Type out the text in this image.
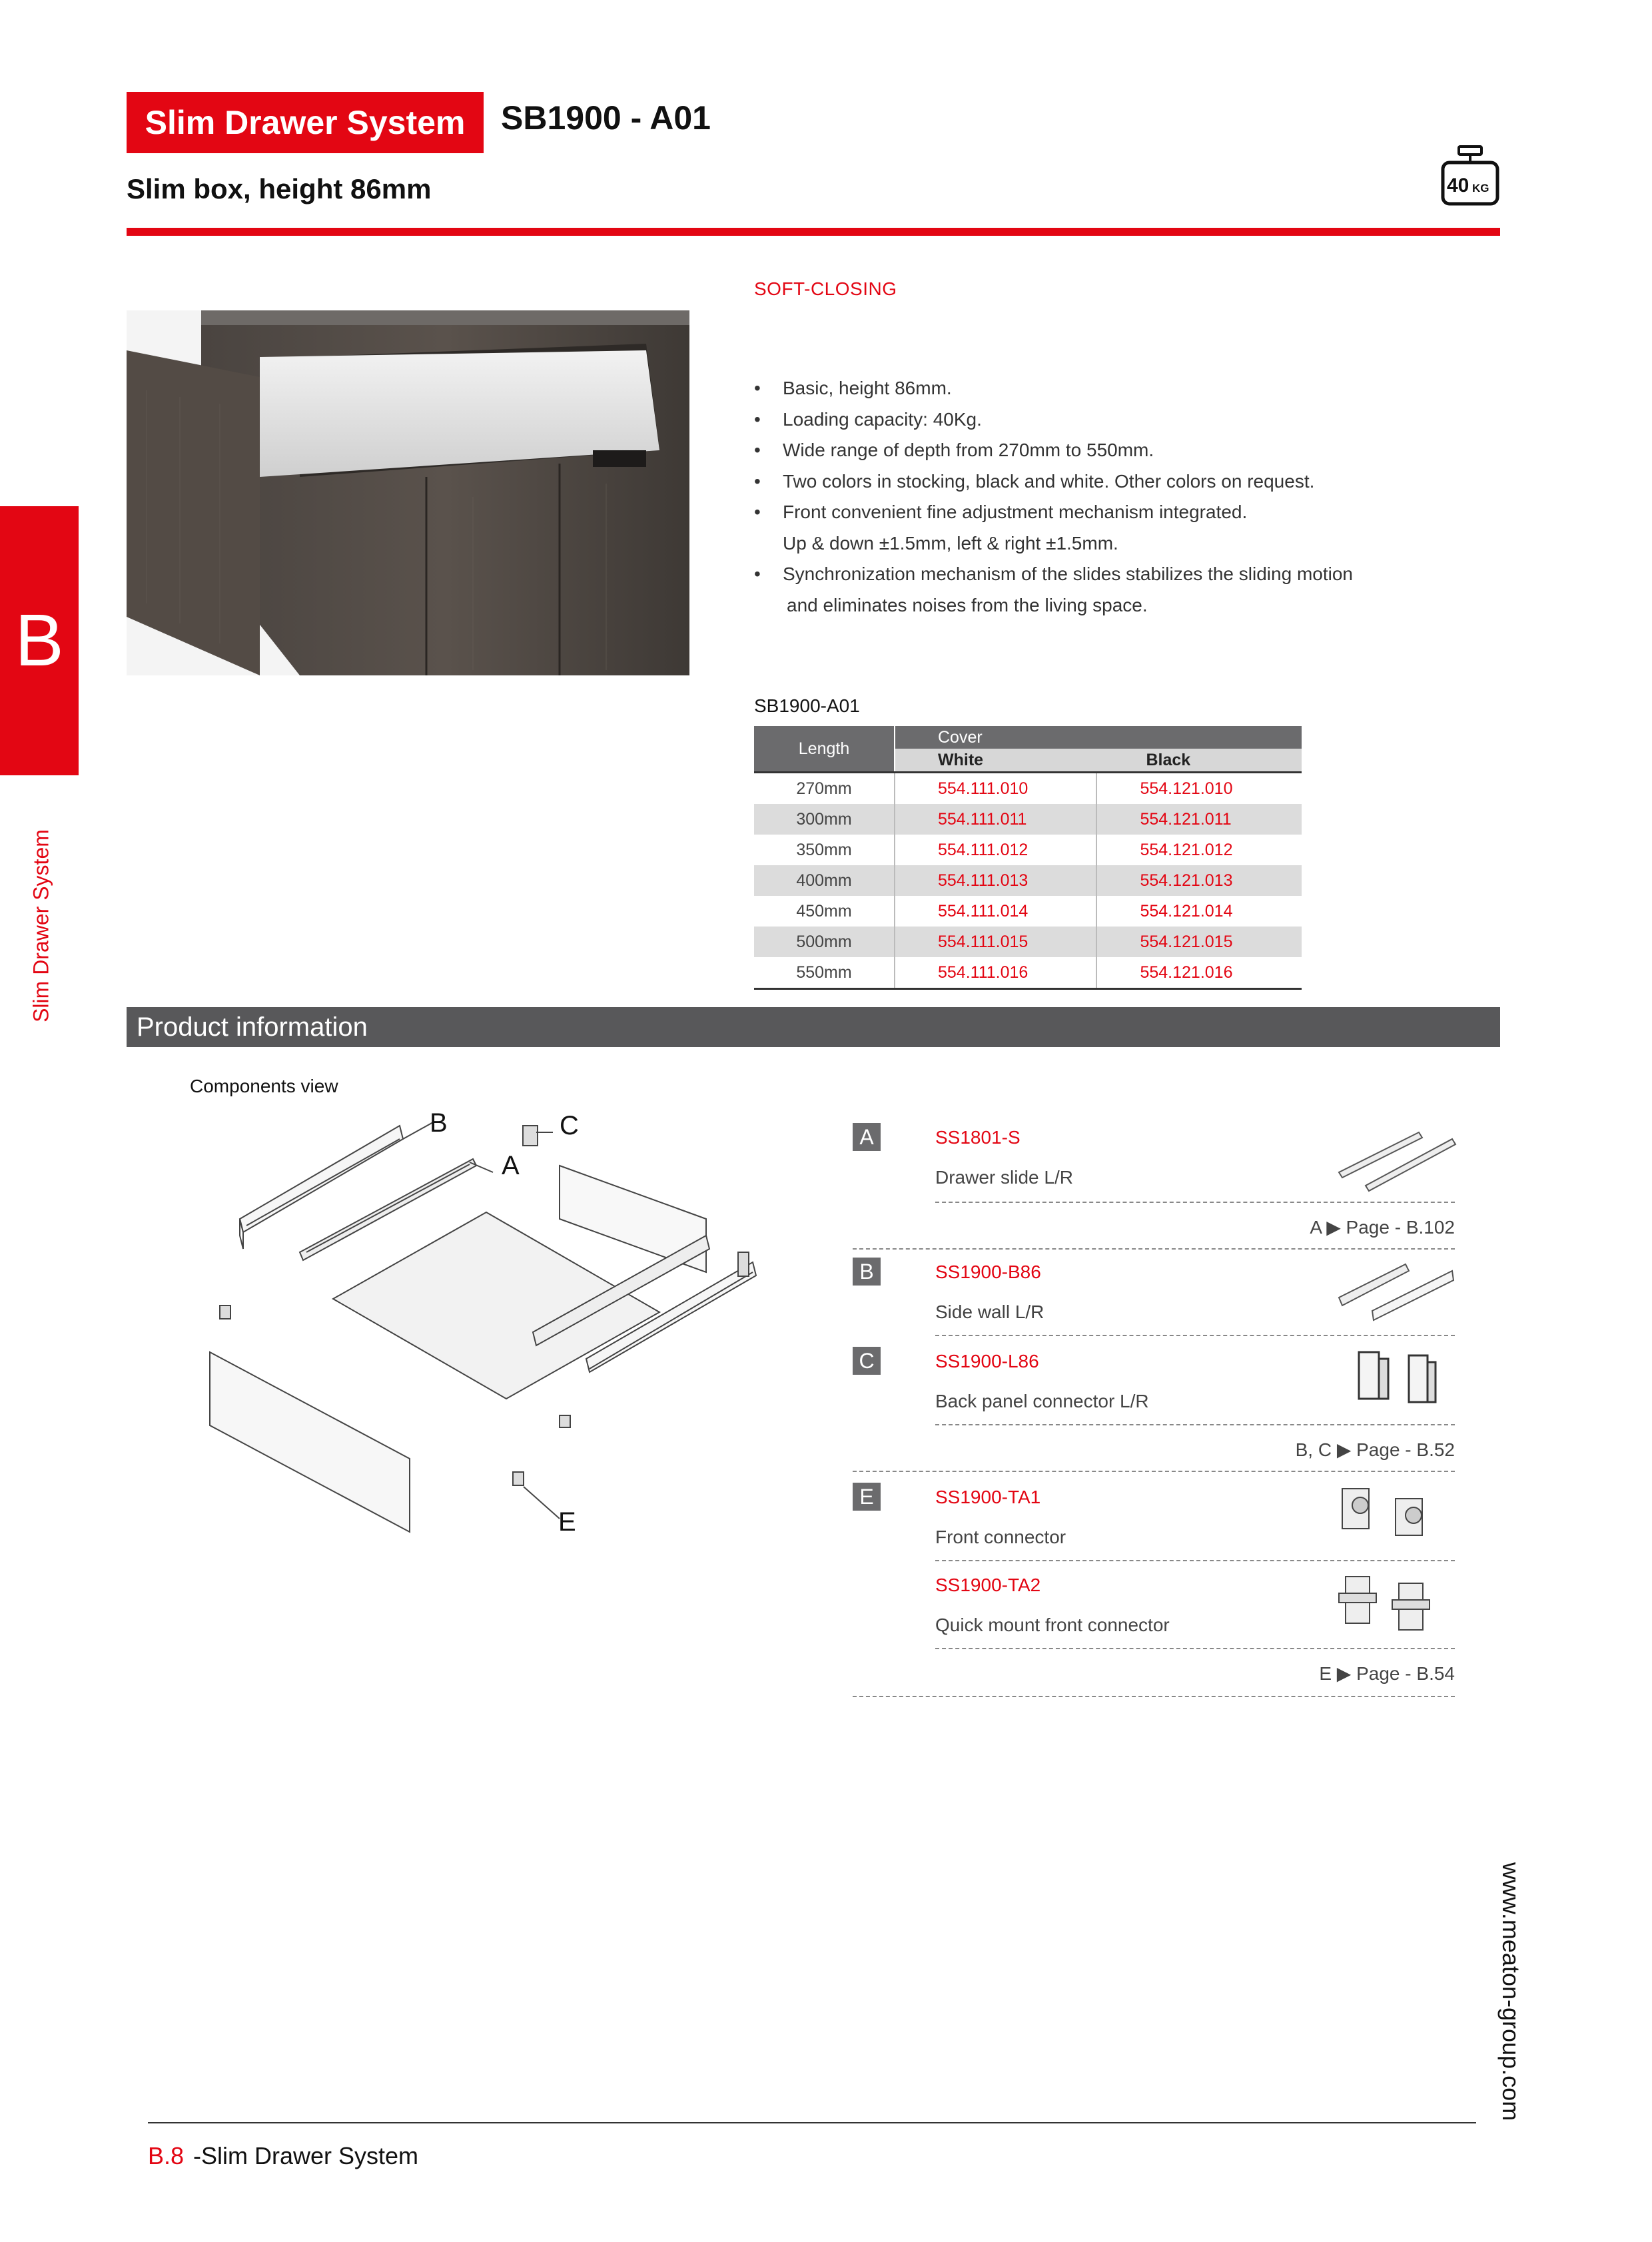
Slim Drawer System	SB1900 - A01
Slim box, height 86mm	40 KG
B
Slim Drawer System
SOFT-CLOSING
• Basic, height 86mm.
• Loading capacity: 40Kg.
• Wide range of depth from 270mm to 550mm.
• Two colors in stocking, black and white. Other colors on request.
• Front convenient fine adjustment mechanism integrated.
Up & down ±1.5mm, left & right ±1.5mm.
• Synchronization mechanism of the slides stabilizes the sliding motion
and eliminates noises from the living space.
SB1900-A01
Length	Cover	
	White	Black
270mm	554.111.010	554.121.010
300mm	554.111.011	554.121.011
350mm	554.111.012	554.121.012
400mm	554.111.013	554.121.013
450mm	554.111.014	554.121.014
500mm	554.111.015	554.121.015
550mm	554.111.016	554.121.016
Product information
Components view
B	C
A
E
A	SS1801-S
Drawer slide L/R
A ▶ Page - B.102
B	SS1900-B86
Side wall L/R
C	SS1900-L86
Back panel connector L/R
B, C ▶ Page - B.52
E	SS1900-TA1
Front connector
SS1900-TA2
Quick mount front connector
E ▶ Page - B.54
B.8 -Slim Drawer System
www.meaton-group.com
